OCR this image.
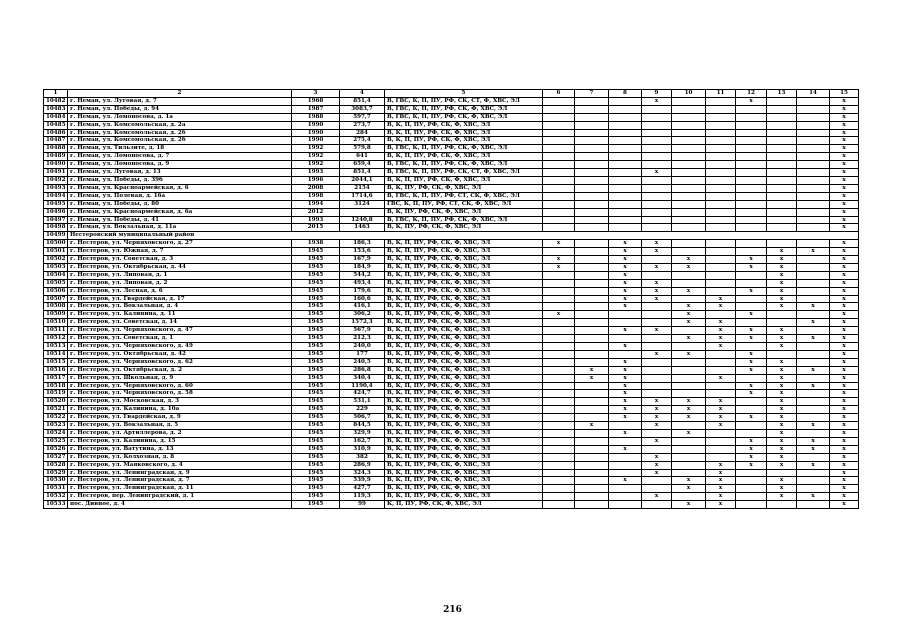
1	2	3	4	5	6	7	8	9	10	11	12	13	14	15
10482	г. Неман, ул. Луговая, д. 7	1968	851,4	В, ГВС, К, П, ПУ, РФ, СК, СТ, Ф, ХВС, ЭЛ				х			х			х
10483	г. Неман, ул. Победы, д. 94	1987	3083,7	В, ГВС, К, П, ПУ, РФ, СК, Ф, ХВС, ЭЛ										х
10484	г. Неман, ул. Ломоносова, д. 1а	1988	597,7	В, ГВС, К, П, ПУ, РФ, СК, Ф, ХВС, ЭЛ										х
10485	г. Неман, ул. Комсомольская, д. 2а	1990	273,7	В, К, П, ПУ, РФ, СК, Ф, ХВС, ЭЛ										х
10486	г. Неман, ул. Комсомольская, д. 2б	1990	284	В, К, П, ПУ, РФ, СК, Ф, ХВС, ЭЛ										х
10487	г. Неман, ул. Комсомольская, д. 2б	1990	275,4	В, К, П, ПУ, РФ, СК, Ф, ХВС, ЭЛ										х
10488	г. Неман, ул. Тильзите, д. 18	1992	579,8	В, ГВС, К, П, ПУ, РФ, СК, Ф, ХВС, ЭЛ										х
10489	г. Неман, ул. Ломоносова, д. 7	1992	641	В, К, П, ПУ, РФ, СК, Ф, ХВС, ЭЛ										х
10490	г. Неман, ул. Ломоносова, д. 9	1992	659,4	В, ГВС, К, П, ПУ, РФ, СК, Ф, ХВС, ЭЛ										х
10491	г. Неман, ул. Луговая, д. 13	1993	851,4	В, ГВС, К, П, ПУ, РФ, СК, СТ, Ф, ХВС, ЭЛ				х						х
10492	г. Неман, ул. Победы, д. 39б	1996	2044,1	В, К, П, ПУ, РФ, СК, Ф, ХВС, ЭЛ										х
10493	г. Неман, ул. Красноармейская, д. 6	2008	2154	В, К, ПУ, РФ, СК, Ф, ХВС, ЭЛ										х
10494	г. Неман, ул. Полевая, д. 16а	1998	1714,6	В, ГВС, К, П, ПУ, РФ, СТ, СК, Ф, ХВС, ЭЛ										х
10495	г. Неман, ул. Победы, д. 80	1994	3124	ГВС, К, П, ПУ, РФ, СТ, СК, Ф, ХВС, ЭЛ										х
10496	г. Неман, ул. Красноармейская, д. 6а	2012		В, К, ПУ, РФ, СК, Ф, ХВС, ЭЛ										х
10497	г. Неман, ул. Победы, д. 41	1993	1240,8	В, ГВС, К, П, ПУ, РФ, СК, Ф, ХВС, ЭЛ										х
10498	г. Неман, ул. Вокзальная, д. 11а	2015	1463	В, К, ПУ, РФ, СК, Ф, ХВС, ЭЛ										х
10499	Нестеровский муниципальный район													
10500	г. Нестеров, ул. Черняховского, д. 27	1938	186,3	В, К, П, ПУ, РФ, СК, Ф, ХВС, ЭЛ	х		х	х						х
10501	г. Нестеров, ул. Южная, д. 7	1945	153,6	В, К, П, ПУ, РФ, СК, Ф, ХВС, ЭЛ			х	х				х	х	х
10502	г. Нестеров, ул. Советская, д. 3	1945	167,9	В, К, П, ПУ, РФ, СК, Ф, ХВС, ЭЛ	х		х		х		х	х		х
10503	г. Нестеров, ул. Октябрьская, д. 44	1945	184,9	В, К, П, ПУ, РФ, СК, Ф, ХВС, ЭЛ	х		х	х	х		х	х		х
10504	г. Нестеров, ул. Липовая, д. 1	1945	544,2	В, К, П, ПУ, РФ, СК, Ф, ХВС, ЭЛ			х					х		х
10505	г. Нестеров, ул. Липовая, д. 2	1945	493,4	В, К, П, ПУ, РФ, СК, Ф, ХВС, ЭЛ			х	х				х		х
10506	г. Нестеров, ул. Лесная, д. 6	1945	179,6	В, К, П, ПУ, РФ, СК, Ф, ХВС, ЭЛ			х	х	х		х	х		х
10507	г. Нестеров, ул. Гвардейская, д. 17	1945	160,6	В, К, П, ПУ, РФ, СК, Ф, ХВС, ЭЛ			х	х		х		х		х
10508	г. Нестеров, ул. Вокзальная, д. 4	1945	416,1	В, К, П, ПУ, РФ, СК, Ф, ХВС, ЭЛ			х		х	х		х	х	х
10509	г. Нестеров, ул. Калинина, д. 11	1945	306,2	В, К, П, ПУ, РФ, СК, Ф, ХВС, ЭЛ	х				х		х			х
10510	г. Нестеров, ул. Советская, д. 14	1945	1572,3	В, К, П, ПУ, РФ, СК, Ф, ХВС, ЭЛ					х	х			х	х
10511	г. Нестеров, ул. Черняховского, д. 47	1945	567,9	В, К, П, ПУ, РФ, СК, Ф, ХВС, ЭЛ			х	х		х	х	х		х
10512	г. Нестеров, ул. Советская, д. 1	1945	212,3	В, К, П, ПУ, РФ, СК, Ф, ХВС, ЭЛ					х	х	х	х	х	х
10513	г. Нестеров, ул. Черняховского, д. 49	1945	240,0	В, К, П, ПУ, РФ, СК, Ф, ХВС, ЭЛ			х			х		х		х
10514	г. Нестеров, ул. Октябрьская, д. 42	1945	177	В, К, П, ПУ, РФ, СК, Ф, ХВС, ЭЛ				х	х		х			х
10515	г. Нестеров, ул. Черняховского, д. 62	1945	240,5	В, К, П, ПУ, РФ, СК, Ф, ХВС, ЭЛ			х				х	х		х
10516	г. Нестеров, ул. Октябрьская, д. 2	1945	286,8	В, К, П, ПУ, РФ, СК, Ф, ХВС, ЭЛ		х	х				х	х	х	х
10517	г. Нестеров, ул. Школьная, д. 9	1945	340,4	В, К, П, ПУ, РФ, СК, Ф, ХВС, ЭЛ		х	х			х		х		х
10518	г. Нестеров, ул. Черняховского, д. 60	1945	1190,4	В, К, П, ПУ, РФ, СК, Ф, ХВС, ЭЛ			х				х	х	х	х
10519	г. Нестеров, ул. Черняховского, д. 58	1945	424,7	В, К, П, ПУ, РФ, СК, Ф, ХВС, ЭЛ			х				х	х		х
10520	г. Нестеров, ул. Московская, д. 3	1945	531,1	В, К, П, ПУ, РФ, СК, Ф, ХВС, ЭЛ			х	х	х	х		х		х
10521	г. Нестеров, ул. Калинина, д. 10а	1945	229	В, К, П, ПУ, РФ, СК, Ф, ХВС, ЭЛ			х	х	х	х		х		х
10522	г. Нестеров, ул. Гвардейская, д. 9	1945	506,7	В, К, П, ПУ, РФ, СК, Ф, ХВС, ЭЛ			х	х	х	х	х	х		х
10523	г. Нестеров, ул. Вокзальная, д. 5	1945	844,5	В, К, П, ПУ, РФ, СК, Ф, ХВС, ЭЛ		х		х		х		х	х	х
10524	г. Нестеров, ул. Артиллерова, д. 2	1945	329,9	В, К, П, ПУ, РФ, СК, Ф, ХВС, ЭЛ			х		х			х		х
10525	г. Нестеров, ул. Калинина, д. 15	1945	162,7	В, К, П, ПУ, РФ, СК, Ф, ХВС, ЭЛ				х			х	х	х	х
10526	г. Нестеров, ул. Ватутина, д. 13	1945	310,9	В, К, П, ПУ, РФ, СК, Ф, ХВС, ЭЛ			х				х	х	х	х
10527	г. Нестеров, ул. Колхозная, д. 8	1945	382	В, К, П, ПУ, РФ, СК, Ф, ХВС, ЭЛ				х			х	х		х
10528	г. Нестеров, ул. Маяковского, д. 4	1945	286,9	В, К, П, ПУ, РФ, СК, Ф, ХВС, ЭЛ				х		х	х	х	х	х
10529	г. Нестеров, ул. Ленинградская, д. 9	1945	324,3	В, К, П, ПУ, РФ, СК, Ф, ХВС, ЭЛ				х		х				х
10530	г. Нестеров, ул. Ленинградская, д. 7	1945	539,9	В, К, П, ПУ, РФ, СК, Ф, ХВС, ЭЛ			х		х	х		х		х
10531	г. Нестеров, ул. Ленинградская, д. 11	1945	427,7	В, К, П, ПУ, РФ, СК, Ф, ХВС, ЭЛ					х	х		х		х
10532	г. Нестеров, пер. Ленинградский, д. 1	1945	119,3	В, К, П, ПУ, РФ, СК, Ф, ХВС, ЭЛ				х		х		х	х	х
10533	пос. Дивное, д. 4	1945	99	К, П, ПУ, РФ, СК, Ф, ХВС, ЭЛ					х	х				х
216
